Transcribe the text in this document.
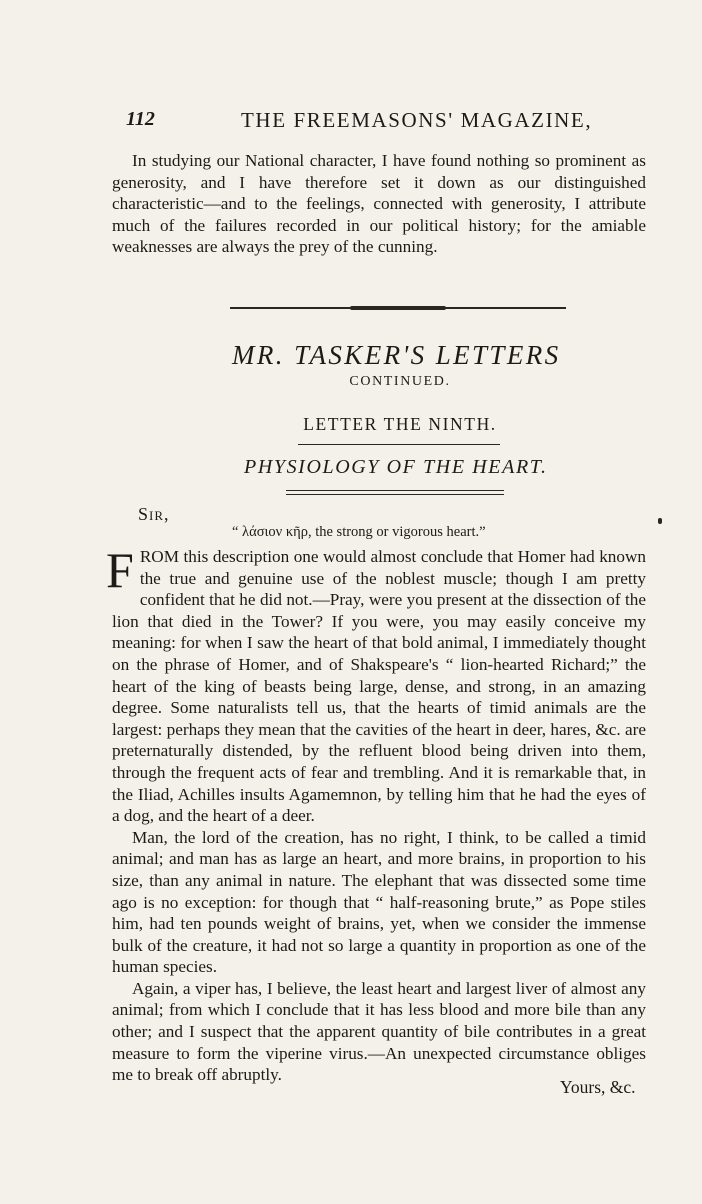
112	THE FREEMASONS' MAGAZINE,

In studying our National character, I have found nothing so prominent as generosity, and I have therefore set it down as our distinguished characteristic—and to the feelings, connected with generosity, I attribute much of the failures recorded in our political history; for the amiable weaknesses are always the prey of the cunning.

MR. TASKER'S LETTERS
CONTINUED.
LETTER THE NINTH.
PHYSIOLOGY OF THE HEART.
Sir,
“ λάσιον κῆρ, the strong or vigorous heart.”

FROM this description one would almost conclude that Homer had known the true and genuine use of the noblest muscle; though I am pretty confident that he did not.—Pray, were you present at the dissection of the lion that died in the Tower? If you were, you may easily conceive my meaning: for when I saw the heart of that bold animal, I immediately thought on the phrase of Homer, and of Shakspeare's “ lion-hearted Richard;” the heart of the king of beasts being large, dense, and strong, in an amazing degree. Some naturalists tell us, that the hearts of timid animals are the largest: perhaps they mean that the cavities of the heart in deer, hares, &c. are preternaturally distended, by the refluent blood being driven into them, through the frequent acts of fear and trembling. And it is remarkable that, in the Iliad, Achilles insults Agamemnon, by telling him that he had the eyes of a dog, and the heart of a deer.

Man, the lord of the creation, has no right, I think, to be called a timid animal; and man has as large an heart, and more brains, in proportion to his size, than any animal in nature. The elephant that was dissected some time ago is no exception: for though that “ half-reasoning brute,” as Pope stiles him, had ten pounds weight of brains, yet, when we consider the immense bulk of the creature, it had not so large a quantity in proportion as one of the human species.

Again, a viper has, I believe, the least heart and largest liver of almost any animal; from which I conclude that it has less blood and more bile than any other; and I suspect that the apparent quantity of bile contributes in a great measure to form the viperine virus.—An unexpected circumstance obliges me to break off abruptly.

Yours, &c.
